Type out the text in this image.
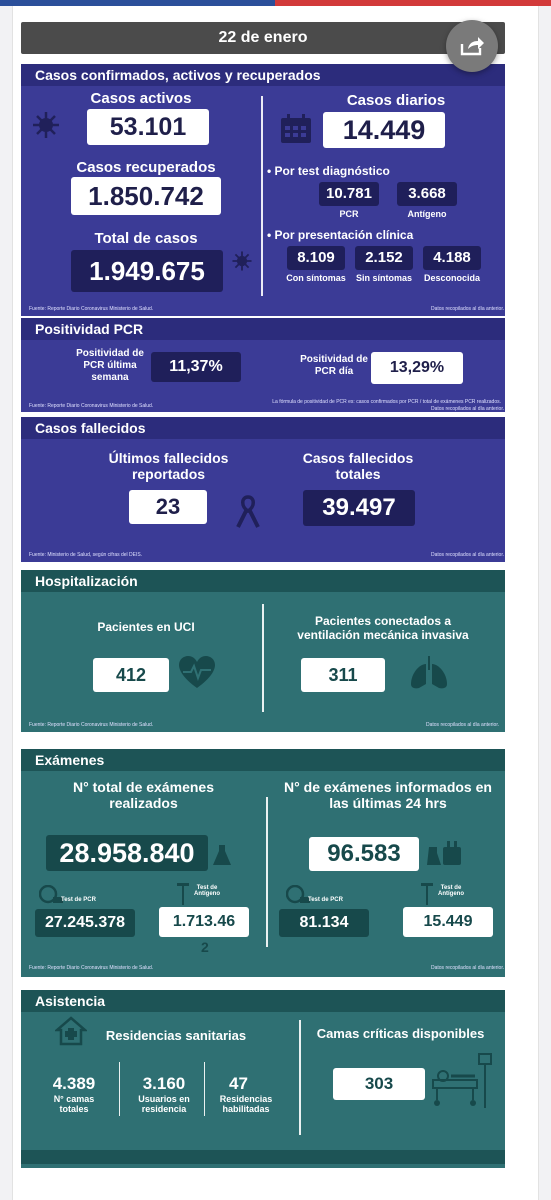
22 de enero
Casos confirmados, activos y recuperados
Casos activos
53.101
Casos recuperados
1.850.742
Total de casos
1.949.675
Casos diarios
14.449
• Por test diagnóstico
10.781
PCR
3.668
Antígeno
• Por presentación clínica
8.109
Con síntomas
2.152
Sin síntomas
4.188
Desconocida
Fuente: Reporte Diario Coronavirus Ministerio de Salud.	Datos recopilados al día anterior.
Positividad PCR
Positividad de PCR última semana
11,37%	Positividad de PCR día	13,29%
Fuente: Reporte Diario Coronavirus Ministerio de Salud.
La fórmula de positividad de PCR es: casos confirmados por PCR / total de exámenes PCR realizados.
Datos recopilados al día anterior.
Casos fallecidos
Últimos fallecidos reportados
23
Casos fallecidos totales
39.497
Fuente: Ministerio de Salud, según cifras del DEIS.	Datos recopilados al día anterior.
Hospitalización
Pacientes en UCI
412
Pacientes conectados a ventilación mecánica invasiva
311
Fuente: Reporte Diario Coronavirus Ministerio de Salud.	Datos recopilados al día anterior.
Exámenes
N° total de exámenes realizados
28.958.840
N° de exámenes informados en las últimas 24 hrs
96.583
Test de PCR
27.245.378
Test de Antígeno
1.713.46
2
Test de PCR
81.134
Test de Antígeno
15.449
Fuente: Reporte Diario Coronavirus Ministerio de Salud.	Datos recopilados al día anterior.
Asistencia
Residencias sanitarias
4.389
N° camas totales
3.160
Usuarios en residencia
47
Residencias habilitadas
Camas críticas disponibles
303
